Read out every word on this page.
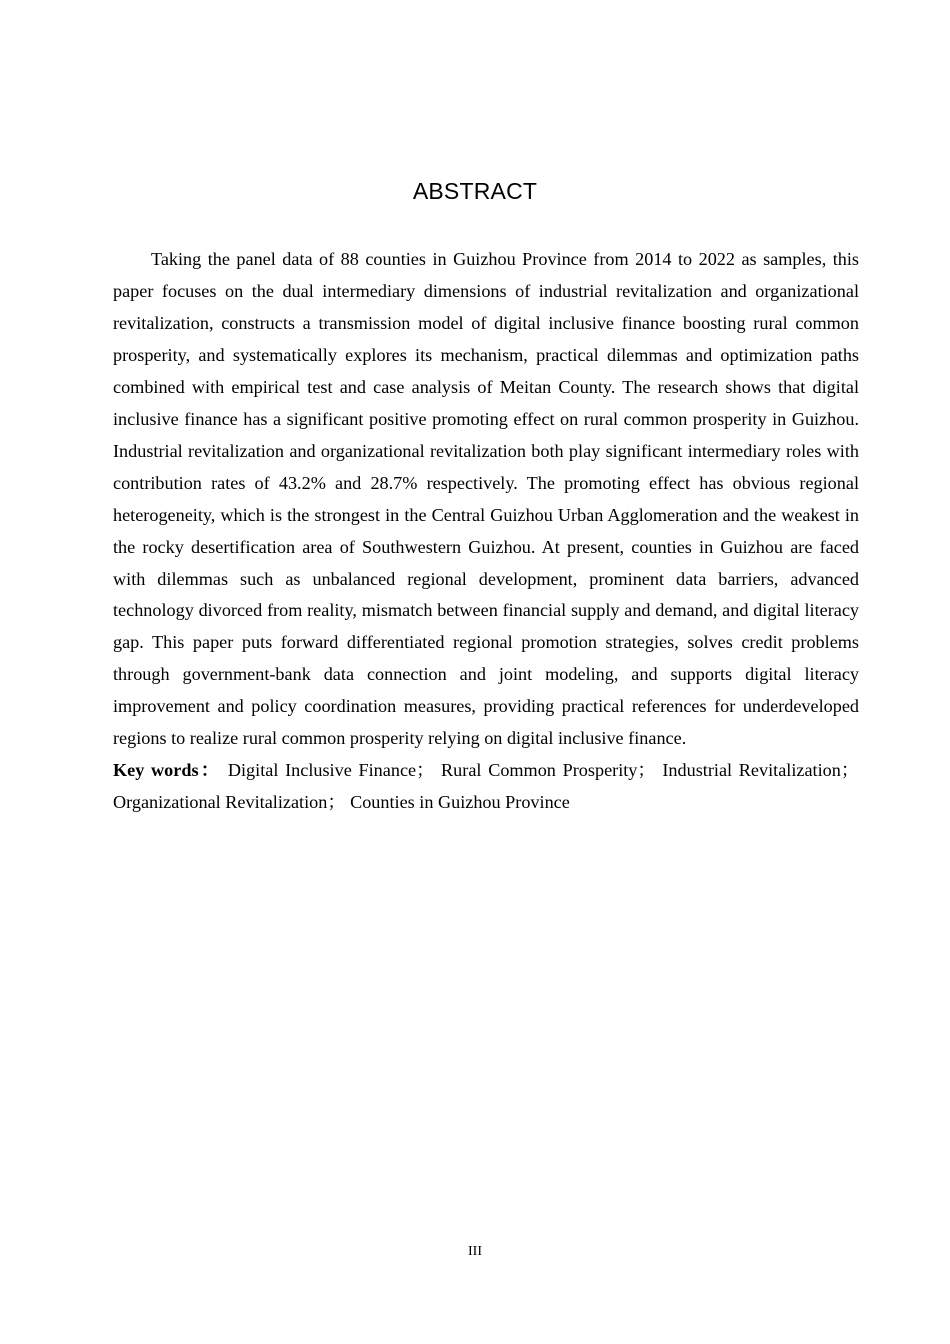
ABSTRACT

Taking the panel data of 88 counties in Guizhou Province from 2014 to 2022 as samples, this paper focuses on the dual intermediary dimensions of industrial revitalization and organizational revitalization, constructs a transmission model of digital inclusive finance boosting rural common prosperity, and systematically explores its mechanism, practical dilemmas and optimization paths combined with empirical test and case analysis of Meitan County. The research shows that digital inclusive finance has a significant positive promoting effect on rural common prosperity in Guizhou. Industrial revitalization and organizational revitalization both play significant intermediary roles with contribution rates of 43.2% and 28.7% respectively. The promoting effect has obvious regional heterogeneity, which is the strongest in the Central Guizhou Urban Agglomeration and the weakest in the rocky desertification area of Southwestern Guizhou. At present, counties in Guizhou are faced with dilemmas such as unbalanced regional development, prominent data barriers, advanced technology divorced from reality, mismatch between financial supply and demand, and digital literacy gap. This paper puts forward differentiated regional promotion strategies, solves credit problems through government-bank data connection and joint modeling, and supports digital literacy improvement and policy coordination measures, providing practical references for underdeveloped regions to realize rural common prosperity relying on digital inclusive finance.

Key words： Digital Inclusive Finance； Rural Common Prosperity； Industrial Revitalization； Organizational Revitalization； Counties in Guizhou Province

III
